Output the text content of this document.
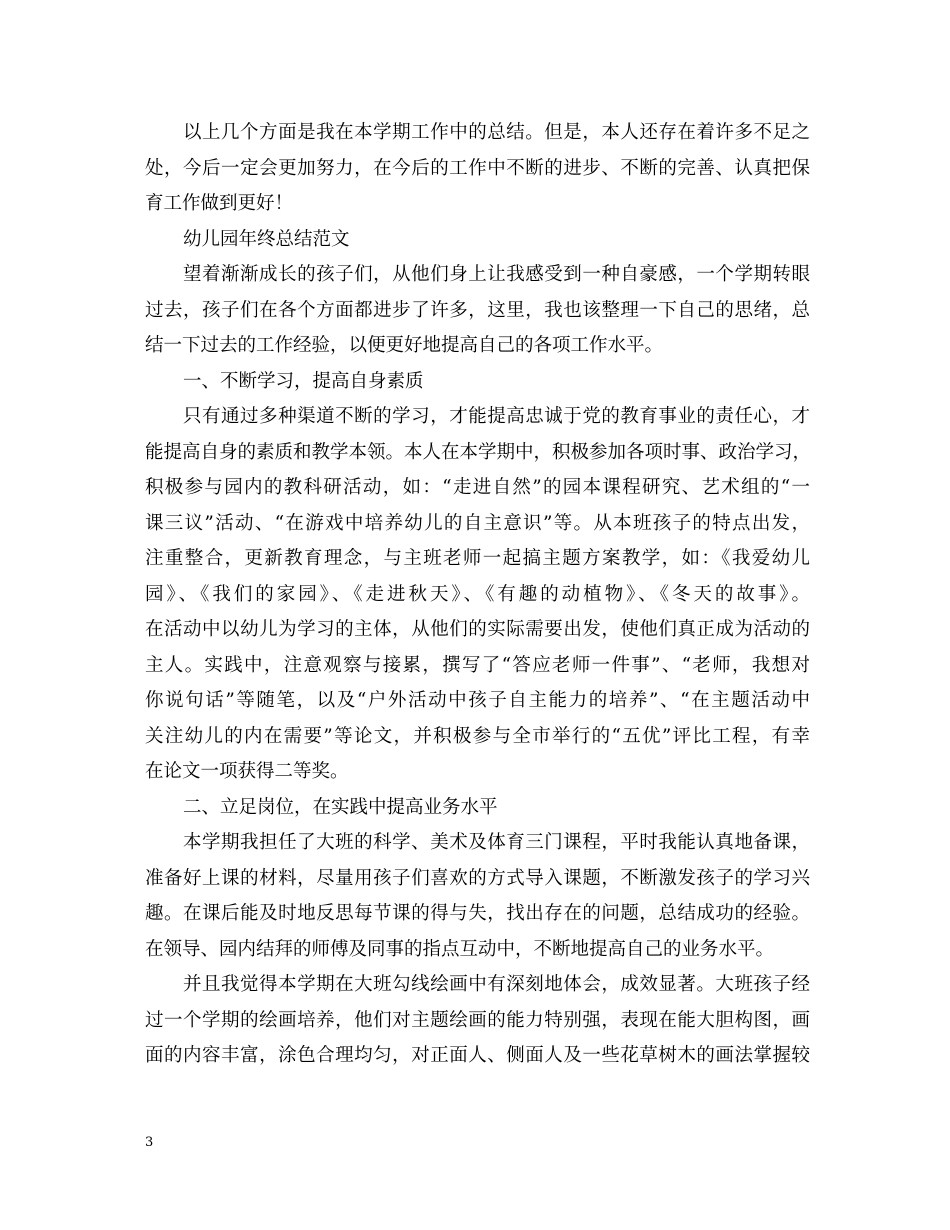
以上几个方面是我在本学期工作中的总结。但是，本人还存在着许多不足之
处，今后一定会更加努力，在今后的工作中不断的进步、不断的完善、认真把保
育工作做到更好！
幼儿园年终总结范文
望着渐渐成长的孩子们，从他们身上让我感受到一种自豪感，一个学期转眼
过去，孩子们在各个方面都进步了许多，这里，我也该整理一下自己的思绪，总
结一下过去的工作经验，以便更好地提高自己的各项工作水平。
一、不断学习，提高自身素质
只有通过多种渠道不断的学习，才能提高忠诚于党的教育事业的责任心，才
能提高自身的素质和教学本领。本人在本学期中，积极参加各项时事、政治学习，
积极参与园内的教科研活动，如：“走进自然”的园本课程研究、艺术组的“一
课三议”活动、“在游戏中培养幼儿的自主意识”等。从本班孩子的特点出发，
注重整合，更新教育理念，与主班老师一起搞主题方案教学，如：《我爱幼儿
园》、《我们的家园》、《走进秋天》、《有趣的动植物》、《冬天的故事》。
在活动中以幼儿为学习的主体，从他们的实际需要出发，使他们真正成为活动的
主人。实践中，注意观察与接累，撰写了“答应老师一件事”、“老师，我想对
你说句话”等随笔，以及“户外活动中孩子自主能力的培养”、“在主题活动中
关注幼儿的内在需要”等论文，并积极参与全市举行的“五优”评比工程，有幸
在论文一项获得二等奖。
二、立足岗位，在实践中提高业务水平
本学期我担任了大班的科学、美术及体育三门课程，平时我能认真地备课，
准备好上课的材料，尽量用孩子们喜欢的方式导入课题，不断激发孩子的学习兴
趣。在课后能及时地反思每节课的得与失，找出存在的问题，总结成功的经验。
在领导、园内结拜的师傅及同事的指点互动中，不断地提高自己的业务水平。
并且我觉得本学期在大班勾线绘画中有深刻地体会，成效显著。大班孩子经
过一个学期的绘画培养，他们对主题绘画的能力特别强，表现在能大胆构图，画
面的内容丰富，涂色合理均匀，对正面人、侧面人及一些花草树木的画法掌握较
3
